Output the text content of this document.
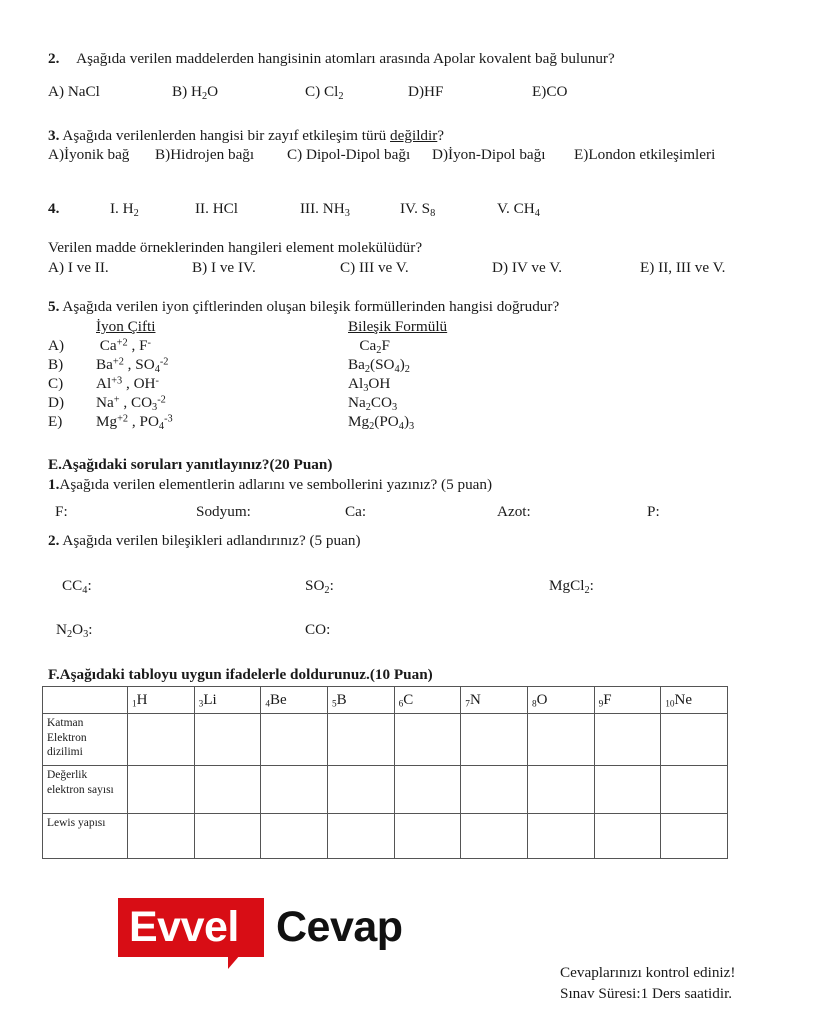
2. Aşağıda verilen maddelerden hangisinin atomları arasında Apolar kovalent bağ bulunur?
A) NaCl	B) $H_2O$	C) $Cl_2$	D)HF	E)CO
3. Aşağıda verilenlerden hangisi bir zayıf etkileşim türü değildir?
A)İyonik bağ B)Hidrojen bağı C) Dipol-Dipol bağı D)İyon-Dipol bağı E)London etkileşimleri
4.	I. $H_2$	II. HCl	III. $NH_3$	IV. $S_8$	V. $CH_4$
Verilen madde örneklerinden hangileri element molekülüdür?
A) I ve II.	B) I ve IV.	C) III ve V.	D) IV ve V.	E) II, III ve V.
5. Aşağıda verilen iyon çiftlerinden oluşan bileşik formüllerinden hangisi doğrudur?
İyon Çifti	Bileşik Formülü
A) $Ca^{+2}$ , F-	$Ca_2F$
B) $Ba^{+2}$ , $SO_4^{-2}$	$Ba_2(SO_4)_2$
C) $Al^{+3}$ , OH-	$Al_3OH$
D) Na+ , $CO_3^{-2}$	$Na_2CO_3$
E) $Mg^{+2}$ , $PO_4^{-3}$	$Mg_2(PO_4)_3$
E.Aşağıdaki soruları yanıtlayınız?(20 Puan)
1.Aşağıda verilen elementlerin adlarını ve sembollerini yazınız? (5 puan)
F:	Sodyum:	Ca:	Azot:	P:
2. Aşağıda verilen bileşikleri adlandırınız? (5 puan)
$CC_4$:	$SO_2$:	MgCl$_2$:
$N_2O_3$:	CO:
F.Aşağıdaki tabloyu uygun ifadelerle doldurunuz.(10 Puan)
	$_1$H	$_3$Li	$_4$Be	$_5$B	$_6$C	$_7$N	$_8$O	$_9$F	$_{10}$Ne
Katman Elektron dizilimi									
Değerlik elektron sayısı									
Lewis yapısı									
Evvel Cevap
Cevaplarınızı kontrol ediniz!
Sınav Süresi:1 Ders saatidir.
